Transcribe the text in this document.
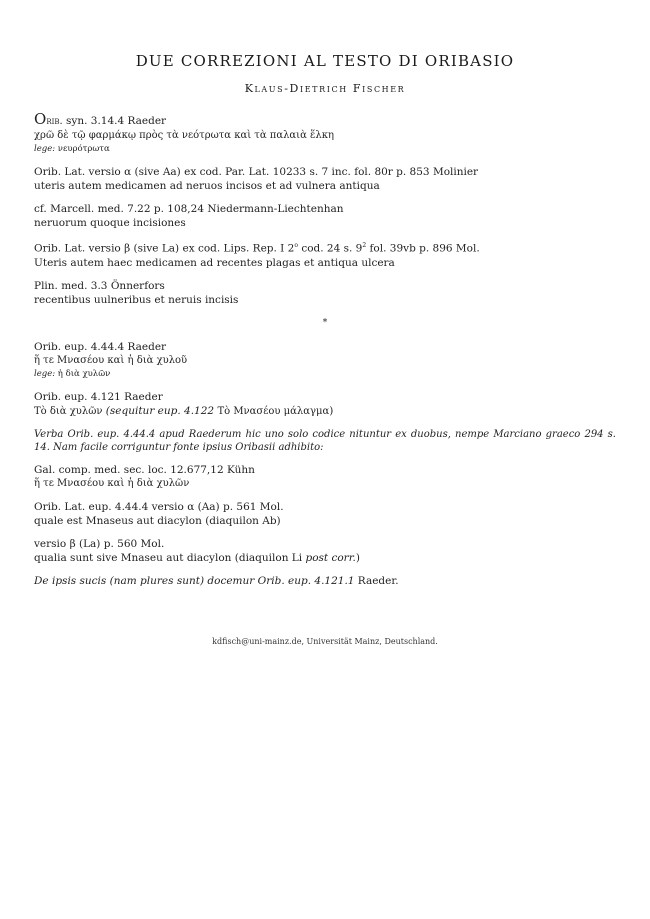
DUE CORREZIONI AL TESTO DI ORIBASIO
Klaus-Dietrich Fischer
Orib. syn. 3.14.4 Raeder
χρῶ δὲ τῷ φαρμάκῳ πρὸς τὰ νεότρωτα καὶ τὰ παλαιὰ ἕλκη
lege: νευρότρωτα
Orib. Lat. versio α (sive Aa) ex cod. Par. Lat. 10233 s. 7 inc. fol. 80r p. 853 Molinier
uteris autem medicamen ad neruos incisos et ad vulnera antiqua
cf. Marcell. med. 7.22 p. 108,24 Niedermann-Liechtenhan
neruorum quoque incisiones
Orib. Lat. versio β (sive La) ex cod. Lips. Rep. I 2$^o$ cod. 24 s. $9^2$ fol. 39vb p. 896 Mol.
Uteris autem haec medicamen ad recentes plagas et antiqua ulcera
Plin. med. 3.3 Önnerfors
recentibus uulneribus et neruis incisis
*
Orib. eup. 4.44.4 Raeder
ἥ τε Μνασέου καὶ ἡ διὰ χυλοῦ
lege: ἡ διὰ χυλῶν
Orib. eup. 4.121 Raeder
Τὸ διὰ χυλῶν (sequitur eup. 4.122 Τὸ Μνασέου μάλαγμα)
Verba Orib. eup. 4.44.4 apud Raederum hic uno solo codice nituntur ex duobus, nempe Marciano graeco 294 s. 14. Nam facile corriguntur fonte ipsius Oribasii adhibito:
Gal. comp. med. sec. loc. 12.677,12 Kühn
ἥ τε Μνασέου καὶ ἡ διὰ χυλῶν
Orib. Lat. eup. 4.44.4 versio α (Aa) p. 561 Mol.
quale est Mnaseus aut diacylon (diaquilon Ab)
versio β (La) p. 560 Mol.
qualia sunt sive Mnaseu aut diacylon (diaquilon Li post corr.)
De ipsis sucis (nam plures sunt) docemur Orib. eup. 4.121.1 Raeder.
kdfisch@uni-mainz.de, Universität Mainz, Deutschland.
